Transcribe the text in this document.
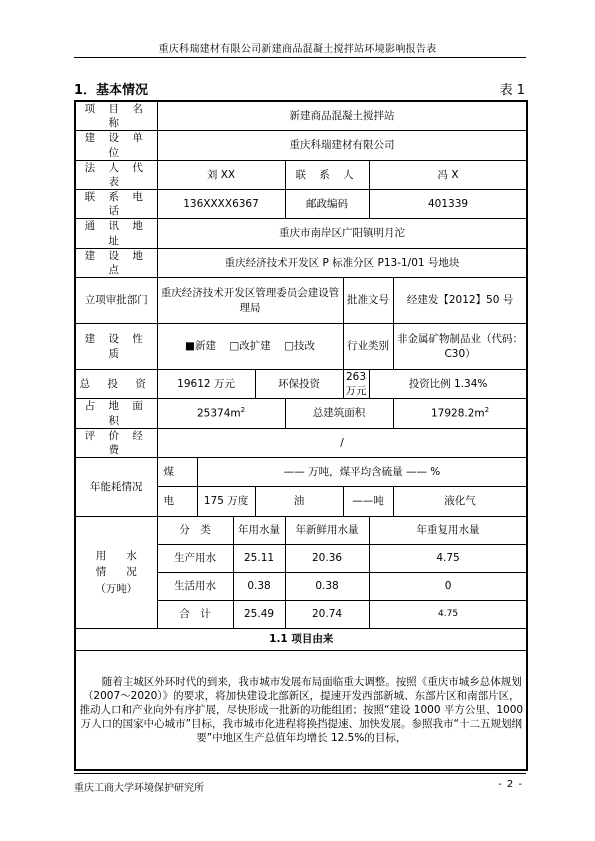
重庆科瑞建材有限公司新建商品混凝土搅拌站环境影响报告表
1．基本情况	表 1
项 目 名 称	新建商品混凝土搅拌站								
建 设 单 位	重庆科瑞建材有限公司								
法 人 代 表	刘 XX				联 系 人		冯 X		
联 系 电 话	136XXXX6367				邮政编码		401339		
通 讯 地 址	重庆市南岸区广阳镇明月沱								
建 设 地 点	重庆经济技术开发区 P 标准分区 P13-1/01 号地块								
立项审批部门	重庆经济技术开发区管理委员会建设管理局					批准文号		经建发【2012】50 号	
建 设 性 质	■新建 □改扩建 □技改					行业类别		非金属矿物制品业（代码：C30）	
总 投 资	19612 万元			环保投资		263 万元	投资比例 1.34%		
占 地 面 积	$25374m^2$				总建筑面积			$17928.2m^2$
评 价 经 费	/								
年能耗情况	煤	—— 万吨，煤平均含硫量 —— %							
	电	175 万度		油		——吨		液化气	
用 水
情 况
（万吨）	分　类		年用水量		年新鲜用水量		年重复用水量		
	生产用水		25.11		20.36		4.75		
	生活用水		0.38		0.38		0		
	合　计		25.49		20.74		4.75		
1.1 项目由来									
随着主城区外环时代的到来，我市城市发展布局面临重大调整。按照《重庆市城乡总体规划（2007～2020）》的要求，将加快建设北部新区，提速开发西部新城、东部片区和南部片区，推动人口和产业向外有序扩展，尽快形成一批新的功能组团；按照“建设 1000 平方公里、1000 万人口的国家中心城市”目标，我市城市化进程将换挡提速、加快发展。参照我市“十二五规划纲要”中地区生产总值年均增长 12.5%的目标，									
重庆工商大学环境保护研究所	- 2 -
